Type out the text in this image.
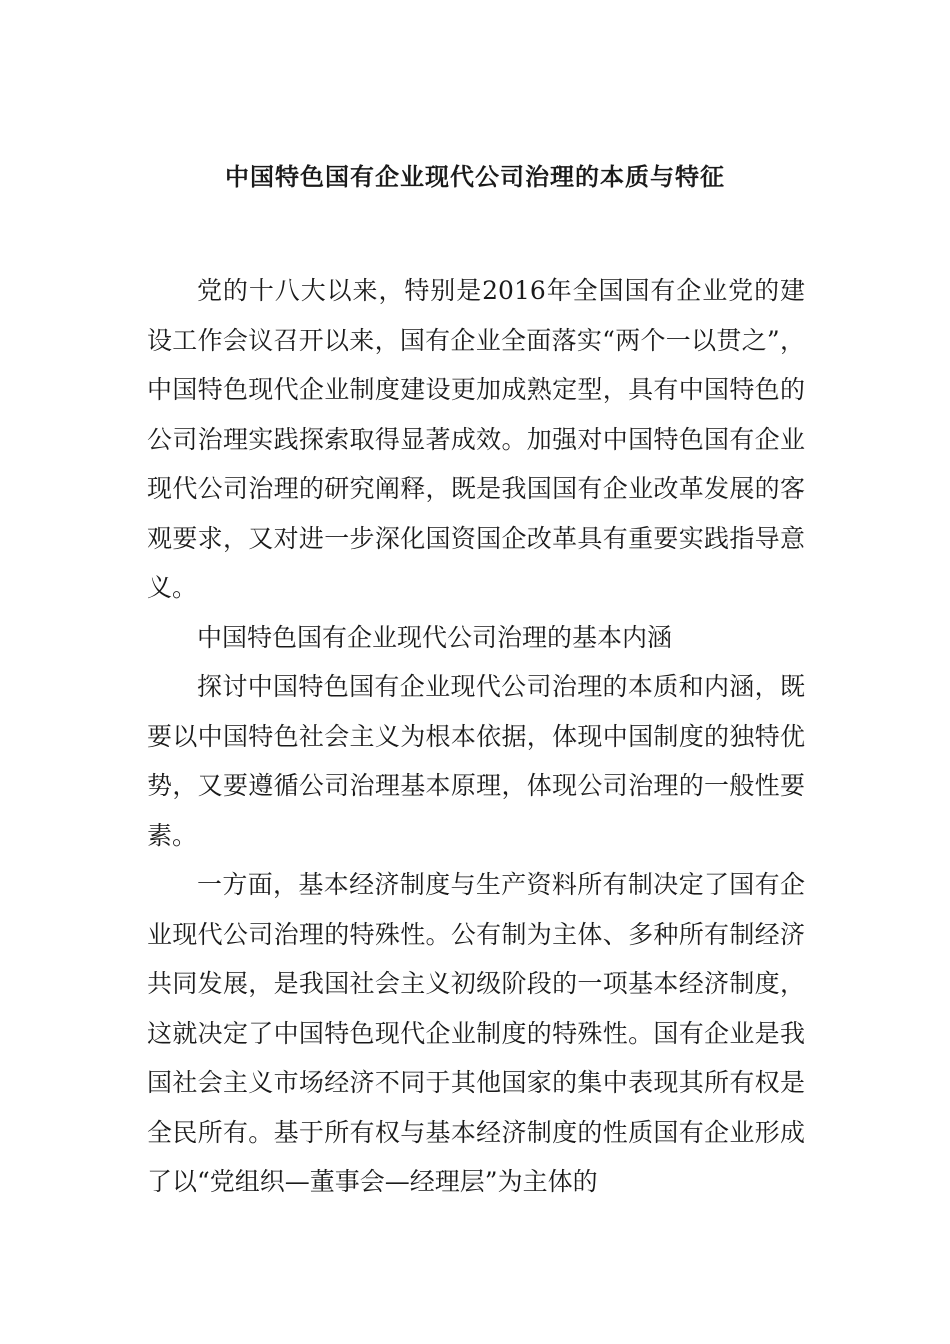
中国特色国有企业现代公司治理的本质与特征

党的十八大以来，特别是2016年全国国有企业党的建设工作会议召开以来，国有企业全面落实“两个一以贯之”，中国特色现代企业制度建设更加成熟定型，具有中国特色的公司治理实践探索取得显著成效。加强对中国特色国有企业现代公司治理的研究阐释，既是我国国有企业改革发展的客观要求，又对进一步深化国资国企改革具有重要实践指导意义。

中国特色国有企业现代公司治理的基本内涵

探讨中国特色国有企业现代公司治理的本质和内涵，既要以中国特色社会主义为根本依据，体现中国制度的独特优势，又要遵循公司治理基本原理，体现公司治理的一般性要素。

一方面，基本经济制度与生产资料所有制决定了国有企业现代公司治理的特殊性。公有制为主体、多种所有制经济共同发展，是我国社会主义初级阶段的一项基本经济制度，这就决定了中国特色现代企业制度的特殊性。国有企业是我国社会主义市场经济不同于其他国家的集中表现其所有权是全民所有。基于所有权与基本经济制度的性质国有企业形成了以“党组织—董事会—经理层”为主体的
